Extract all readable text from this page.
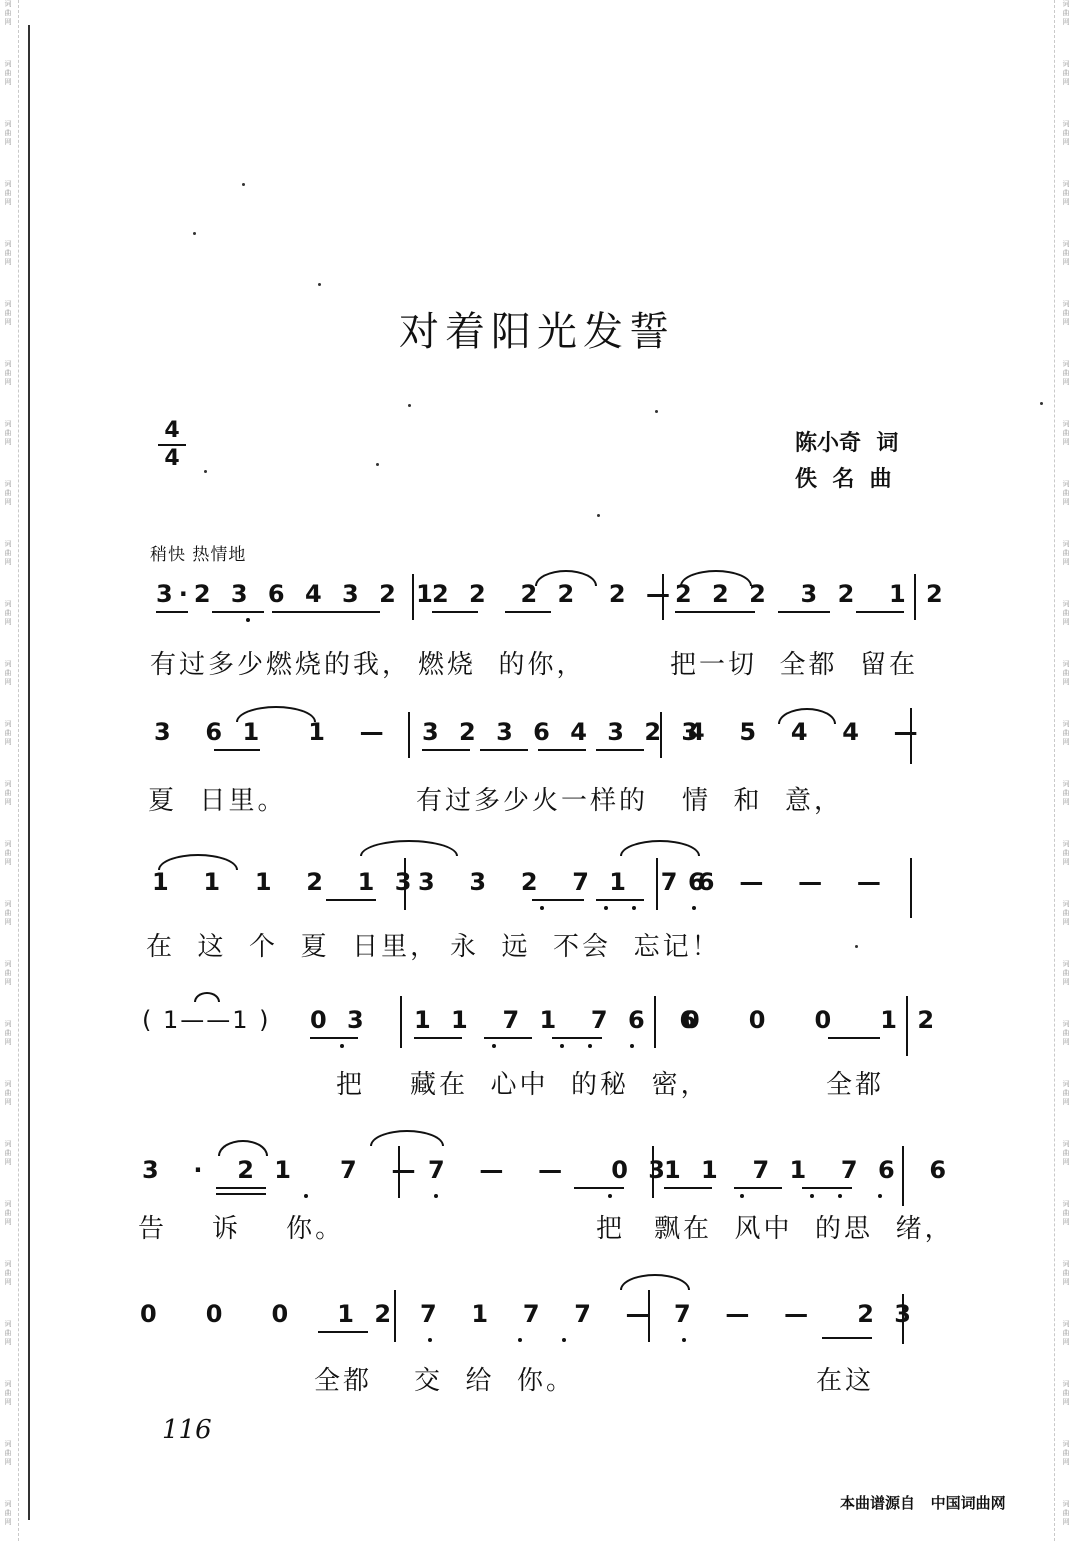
词曲网
词曲网
词曲网
词曲网
词曲网
词曲网
词曲网
词曲网
词曲网
词曲网
词曲网
词曲网
词曲网
词曲网
词曲网
词曲网
词曲网
词曲网
词曲网
词曲网
词曲网
词曲网
词曲网
词曲网
词曲网
词曲网
词曲网
词曲网
词曲网
词曲网
词曲网
词曲网
词曲网
词曲网
词曲网
词曲网
词曲网
词曲网
词曲网
词曲网
词曲网
词曲网
词曲网
词曲网
词曲网
词曲网
词曲网
词曲网
词曲网
词曲网
词曲网
词曲网
对着阳光发誓
4
4
陈小奇  词
佚  名  曲
稍快 热情地
3·2 3 6 4 3 2 1
2 2  2 2  2 — 2 2 2  3 2  1 2
有过多少燃烧的我， 燃烧  的你，	把一切  全都  留在
3  6 1   1  — 3 2 3 6 4 3 2 3
4  5  4  4  —
夏  日里。	有过多少火一样的 情  和  意，
1  1  1  2  1 3 3  3  2  7 1  7 6
6  —  —  —
在  这  个  夏  日里， 永  远  不会  忘记！
( 1——1 ) 0 3 1 1  7 1  7 6  6
0   0   0   1 2
把 藏在  心中  的秘  密，	全都
3  ·  2 1   7  — 7  —  —   0 3
1 1  7 1  7 6  6
告    诉    你。	把 飘在  风中  的思  绪，
0   0   0   1 2 7  1  7  7  — 7  —  —   2 3
全都 交  给  你。	在这
116
本曲谱源自   中国词曲网
